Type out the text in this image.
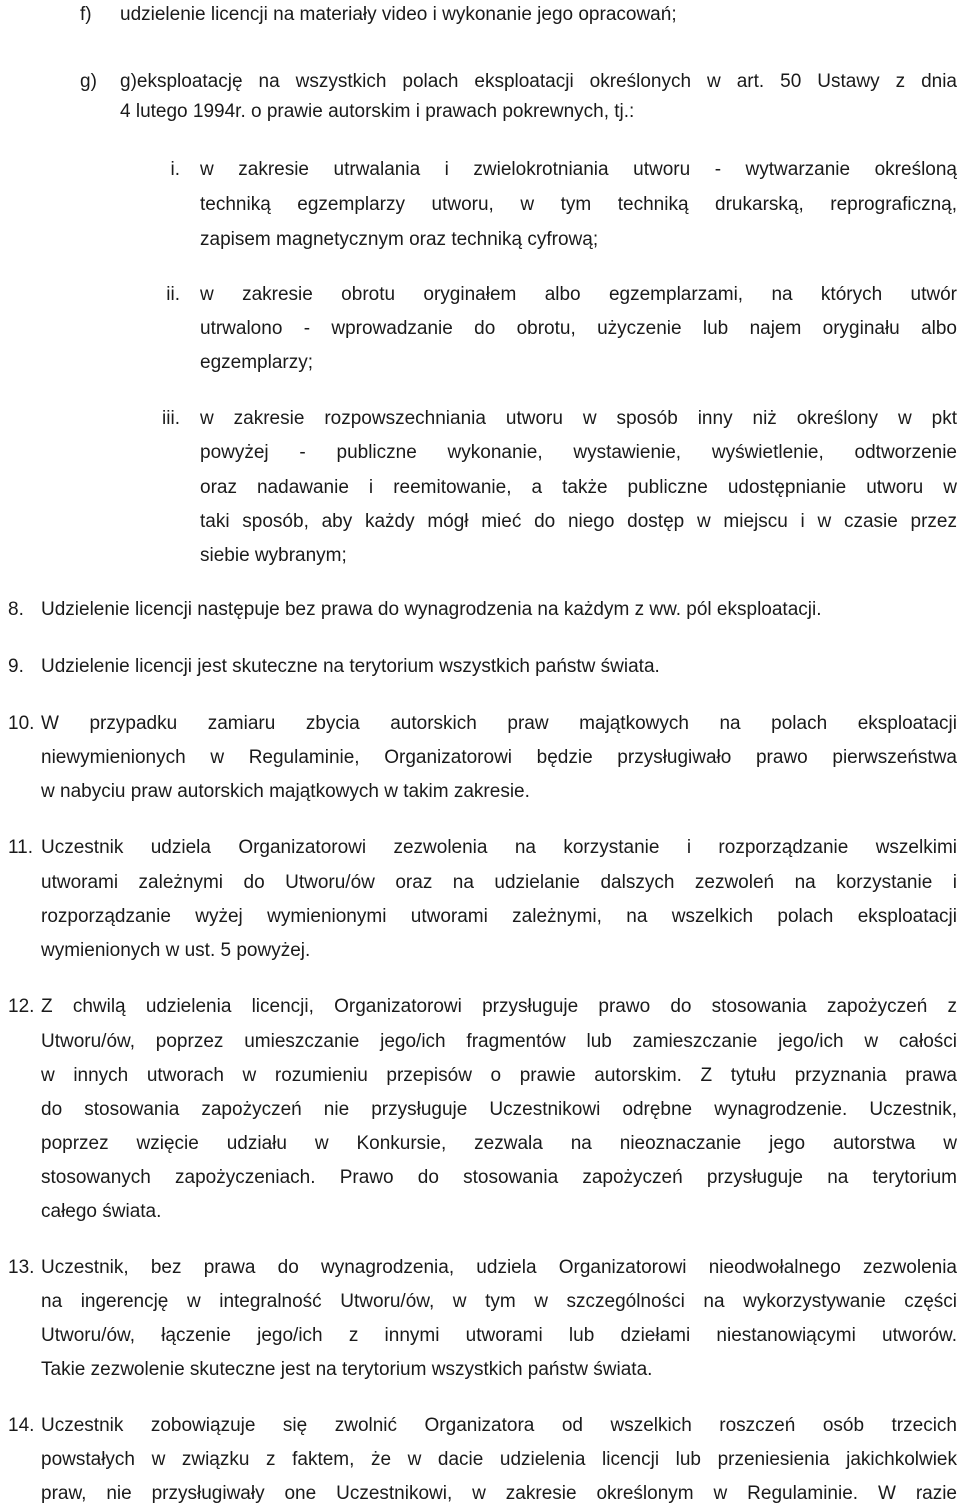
f) udzielenie licencji na materiały video i wykonanie jego opracowań;

g) g)eksploatację na wszystkich polach eksploatacji określonych w art. 50 Ustawy z dnia

4 lutego 1994r. o prawie autorskim i prawach pokrewnych, tj.:

i. w zakresie utrwalania i zwielokrotniania utworu - wytwarzanie określoną

techniką egzemplarzy utworu, w tym techniką drukarską, reprograficzną,

zapisem magnetycznym oraz techniką cyfrową;

ii. w zakresie obrotu oryginałem albo egzemplarzami, na których utwór

utrwalono - wprowadzanie do obrotu, użyczenie lub najem oryginału albo

egzemplarzy;

iii. w zakresie rozpowszechniania utworu w sposób inny niż określony w pkt

powyżej - publiczne wykonanie, wystawienie, wyświetlenie, odtworzenie

oraz nadawanie i reemitowanie, a także publiczne udostępnianie utworu w

taki sposób, aby każdy mógł mieć do niego dostęp w miejscu i w czasie przez

siebie wybranym;

8. Udzielenie licencji następuje bez prawa do wynagrodzenia na każdym z ww. pól eksploatacji.

9. Udzielenie licencji jest skuteczne na terytorium wszystkich państw świata.

10. W przypadku zamiaru zbycia autorskich praw majątkowych na polach eksploatacji

niewymienionych w Regulaminie, Organizatorowi będzie przysługiwało prawo pierwszeństwa

w nabyciu praw autorskich majątkowych w takim zakresie.

11. Uczestnik udziela Organizatorowi zezwolenia na korzystanie i rozporządzanie wszelkimi

utworami zależnymi do Utworu/ów oraz na udzielanie dalszych zezwoleń na korzystanie i

rozporządzanie wyżej wymienionymi utworami zależnymi, na wszelkich polach eksploatacji

wymienionych w ust. 5 powyżej.

12. Z chwilą udzielenia licencji, Organizatorowi przysługuje prawo do stosowania zapożyczeń z

Utworu/ów, poprzez umieszczanie jego/ich fragmentów lub zamieszczanie jego/ich w całości

w innych utworach w rozumieniu przepisów o prawie autorskim. Z tytułu przyznania prawa

do stosowania zapożyczeń nie przysługuje Uczestnikowi odrębne wynagrodzenie. Uczestnik,

poprzez wzięcie udziału w Konkursie, zezwala na nieoznaczanie jego autorstwa w

stosowanych zapożyczeniach. Prawo do stosowania zapożyczeń przysługuje na terytorium

całego świata.

13. Uczestnik, bez prawa do wynagrodzenia, udziela Organizatorowi nieodwołalnego zezwolenia

na ingerencję w integralność Utworu/ów, w tym w szczególności na wykorzystywanie części

Utworu/ów, łączenie jego/ich z innymi utworami lub dziełami niestanowiącymi utworów.

Takie zezwolenie skuteczne jest na terytorium wszystkich państw świata.

14. Uczestnik zobowiązuje się zwolnić Organizatora od wszelkich roszczeń osób trzecich

powstałych w związku z faktem, że w dacie udzielenia licencji lub przeniesienia jakichkolwiek

praw, nie przysługiwały one Uczestnikowi, w zakresie określonym w Regulaminie. W razie
